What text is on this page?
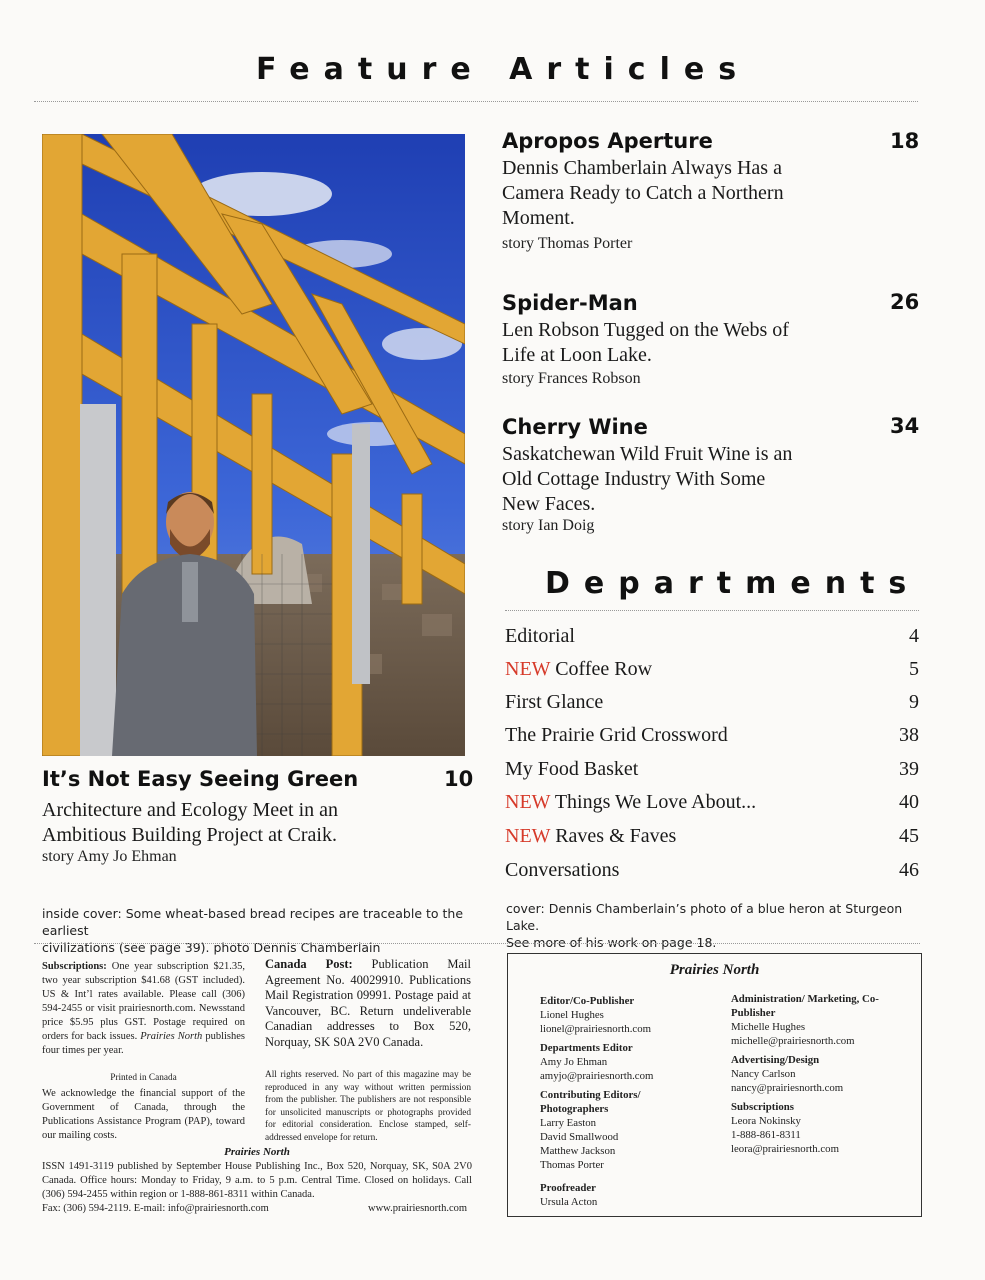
Feature Articles
It’s Not Easy Seeing Green	10
Architecture and Ecology Meet in an
Ambitious Building Project at Craik.
story Amy Jo Ehman
Apropos Aperture	18
Dennis Chamberlain Always Has a
Camera Ready to Catch a Northern
Moment.
story Thomas Porter
Spider-Man	26
Len Robson Tugged on the Webs of
Life at Loon Lake.
story Frances Robson
Cherry Wine	34
Saskatchewan Wild Fruit Wine is an
Old Cottage Industry With Some
New Faces.
story Ian Doig
Departments
Editorial	4
NEW Coffee Row	5
First Glance	9
The Prairie Grid Crossword	38
My Food Basket	39
NEW Things We Love About...	40
NEW Raves & Faves	45
Conversations	46
inside cover: Some wheat-based bread recipes are traceable to the earliest
civilizations (see page 39). photo Dennis Chamberlain
cover: Dennis Chamberlain’s photo of a blue heron at Sturgeon Lake.
See more of his work on page 18.
Subscriptions: One year subscription $21.35, two year subscription $41.68 (GST included). US & Int’l rates available. Please call (306) 594-2455 or visit prairiesnorth.com. Newsstand price $5.95 plus GST. Postage required on orders for back issues. Prairies North publishes four times per year.
Printed in Canada
We acknowledge the financial support of the Government of Canada, through the Publications Assistance Program (PAP), toward our mailing costs.
Canada Post: Publication Mail Agreement No. 40029910. Publications Mail Registration 09991. Postage paid at Vancouver, BC. Return undeliverable Canadian addresses to Box 520, Norquay, SK S0A 2V0 Canada.
All rights reserved. No part of this magazine may be reproduced in any way without written permission from the publisher. The publishers are not responsible for unsolicited manuscripts or photographs provided for editorial consideration. Enclose stamped, self-addressed envelope for return.
Prairies North
ISSN 1491-3119 published by September House Publishing Inc., Box 520, Norquay, SK, S0A 2V0 Canada. Office hours: Monday to Friday, 9 a.m. to 5 p.m. Central Time. Closed on holidays. Call (306) 594-2455 within region or 1-888-861-8311 within Canada.
Fax: (306) 594-2119. E-mail: info@prairiesnorth.com	www.prairiesnorth.com
Prairies North
Editor/Co-Publisher
Lionel Hughes
lionel@prairiesnorth.com
Departments Editor
Amy Jo Ehman
amyjo@prairiesnorth.com
Contributing Editors/ Photographers
Larry Easton
David Smallwood
Matthew Jackson
Thomas Porter
Proofreader
Ursula Acton
Administration/ Marketing, Co-Publisher
Michelle Hughes
michelle@prairiesnorth.com
Advertising/Design
Nancy Carlson
nancy@prairiesnorth.com
Subscriptions
Leora Nokinsky
1-888-861-8311
leora@prairiesnorth.com
